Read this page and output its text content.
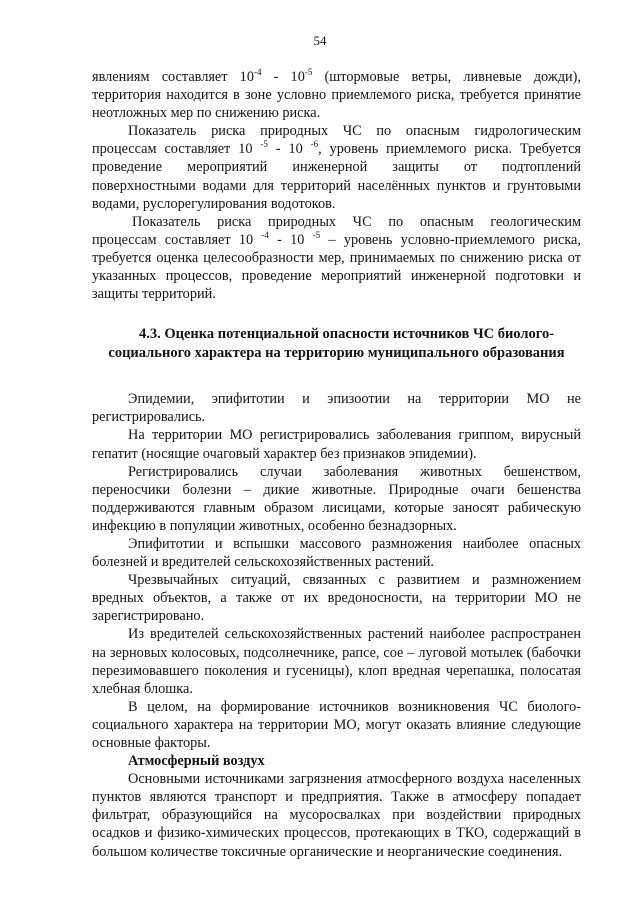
54

явлениям составляет $10^{-4} - 10^{-5}$ (штормовые ветры, ливневые дожди),

территория находится в зоне условно приемлемого риска, требуется принятие неотложных мер по снижению риска.

Показатель риска природных ЧС по опасным гидрологическим

процессам составляет 10 $^{-5}$ - 10 $^{-6}$, уровень приемлемого риска. Требуется

проведение мероприятий инженерной защиты от подтоплений поверхностными водами для территорий населённых пунктов и грунтовыми водами, руслорегулирования водотоков.

Показатель риска природных ЧС по опасным геологическим

процессам составляет 10 $^{-4}$ - 10 $^{-5}$ – уровень условно-приемлемого риска,

требуется оценка целесообразности мер, принимаемых по снижению риска от указанных процессов, проведение мероприятий инженерной подготовки и защиты территорий.

4.3. Оценка потенциальной опасности источников ЧС биолого-
социального характера на территорию муниципального образования

Эпидемии, эпифитотии и эпизоотии на территории МО не регистрировались.

На территории МО регистрировались заболевания гриппом, вирусный гепатит (носящие очаговый характер без признаков эпидемии).

Регистрировались случаи заболевания животных бешенством, переносчики болезни – дикие животные. Природные очаги бешенства поддерживаются главным образом лисицами, которые заносят рабическую инфекцию в популяции животных, особенно безнадзорных.

Эпифитотии и вспышки массового размножения наиболее опасных болезней и вредителей сельскохозяйственных растений.

Чрезвычайных ситуаций, связанных с развитием и размножением вредных объектов, а также от их вредоносности, на территории МО не зарегистрировано.

Из вредителей сельскохозяйственных растений наиболее распространен на зерновых колосовых, подсолнечнике, рапсе, сое – луговой мотылек (бабочки перезимовавшего поколения и гусеницы), клоп вредная черепашка, полосатая хлебная блошка.

В целом, на формирование источников возникновения ЧС биолого-социального характера на территории МО, могут оказать влияние следующие основные факторы.

Атмосферный воздух

Основными источниками загрязнения атмосферного воздуха населенных пунктов являются транспорт и предприятия. Также в атмосферу попадает фильтрат, образующийся на мусоросвалках при воздействии природных осадков и физико-химических процессов, протекающих в ТКО, содержащий в большом количестве токсичные органические и неорганические соединения.
